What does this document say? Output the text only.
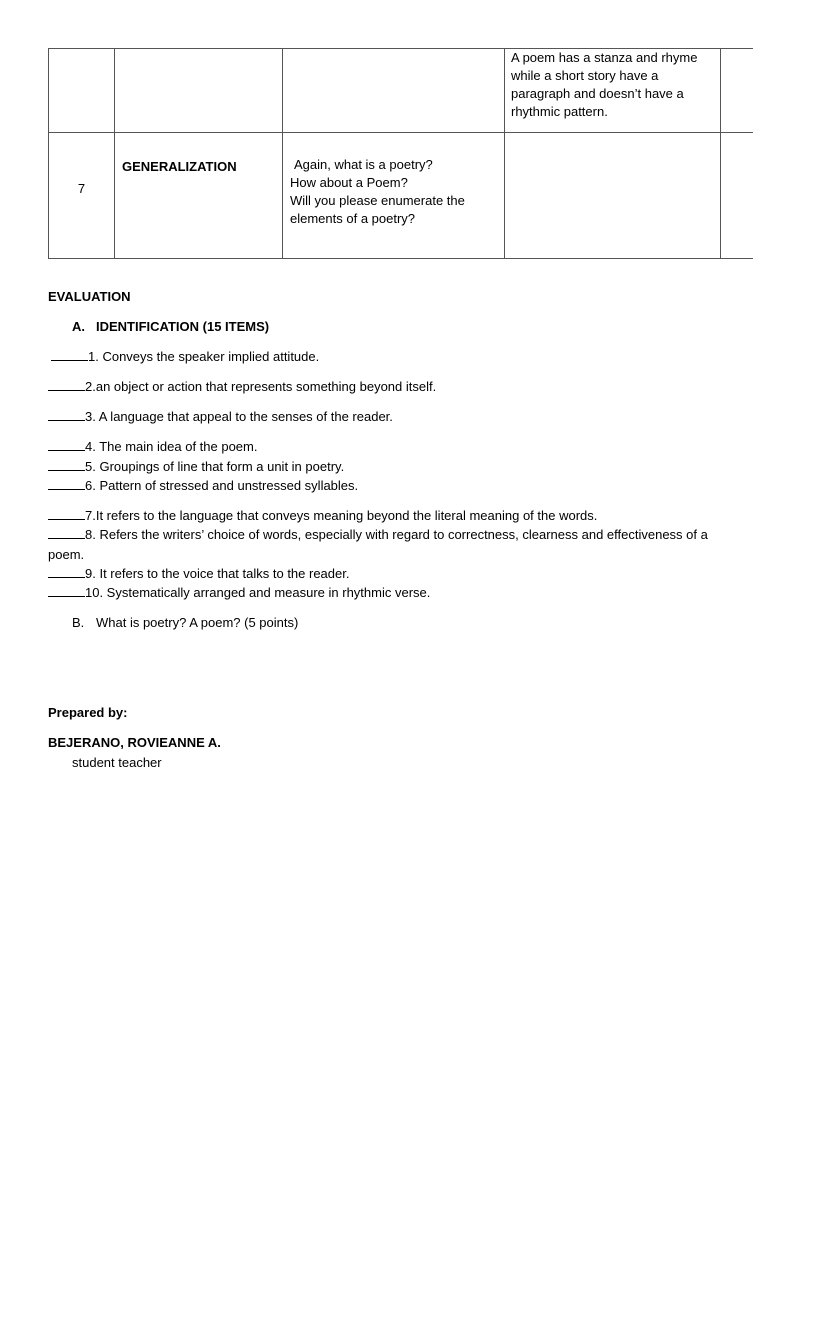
			A poem has a stanza and rhyme while a short story have a paragraph and doesn’t have a rhythmic pattern.	

7	GENERALIZATION	Again, what is a poetry?
How about a Poem?
Will you please enumerate the elements of a poetry?		

EVALUATION
A. IDENTIFICATION (15 ITEMS)
1. Conveys the speaker implied attitude.
2.an object or action that represents something beyond itself.
3. A language that appeal to the senses of the reader.
4. The main idea of the poem.
5. Groupings of line that form a unit in poetry.
6. Pattern of stressed and unstressed syllables.
7.It refers to the language that conveys meaning beyond the literal meaning of the words.
8. Refers the writers’ choice of words, especially with regard to correctness, clearness and effectiveness of a
poem.
9. It refers to the voice that talks to the reader.
10. Systematically arranged and measure in rhythmic verse.
B. What is poetry? A poem? (5 points)
Prepared by:
BEJERANO, ROVIEANNE A.
student teacher
